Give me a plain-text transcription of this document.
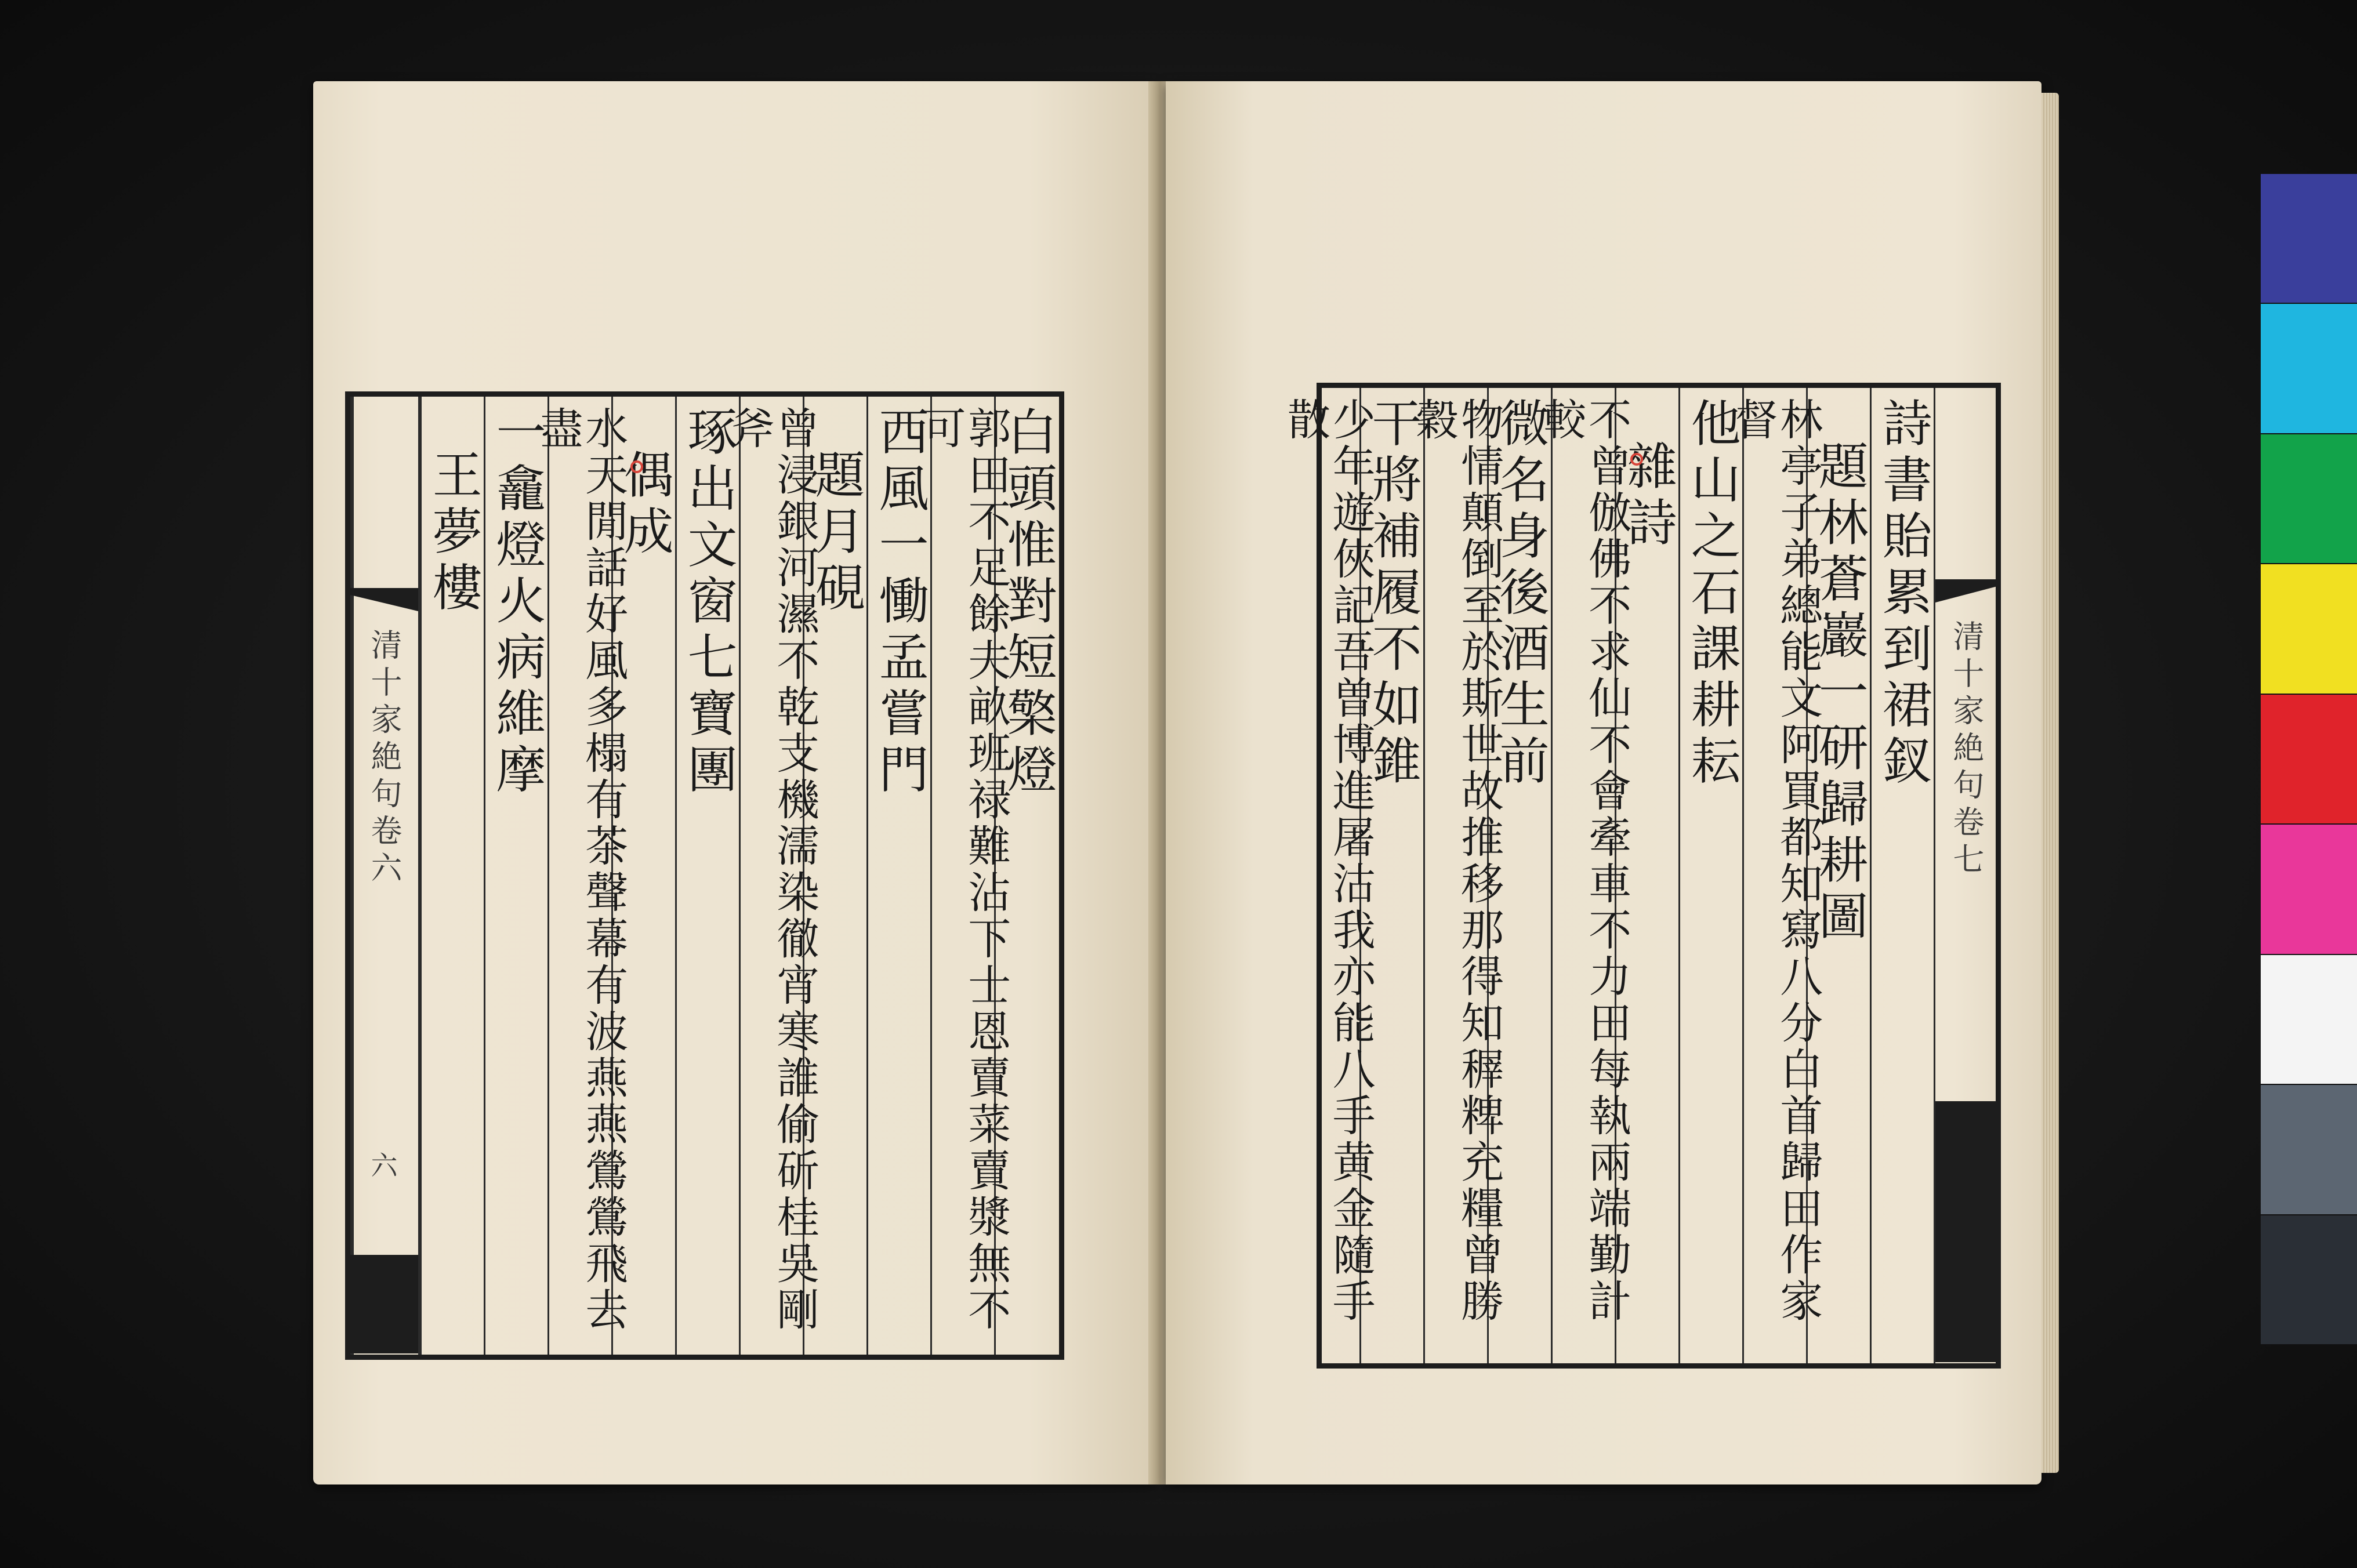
白頭惟對短檠燈
郭田不足餘夫畝班禄難沾下士恩賣菜賣漿無不可
西風一慟孟嘗門
題月硯
曾浸銀河濕不乾支機濡染徹宵寒誰偷斫桂吳剛斧
琢出文窗七寶團
偶成
水天閒話好風多榻有茶聲幕有波燕燕鶯鶯飛去盡
一龕燈火病維摩
王夢樓
清十家絶句卷六
六
清十家絶句卷七
詩書貽累到裙釵
題林蒼巖一研歸耕圖
林亭子弟總能文阿買都知寫八分白首歸田作家督
他山之石課耕耘
雜詩
不曾倣佛不求仙不會牽車不力田每執兩端勤計較
微名身後酒生前
物情顛倒至於斯世故推移那得知稺粺充糧曾勝穀
干將補履不如錐
少年遊俠記吾曽博進屠沽我亦能八手黄金隨手散
